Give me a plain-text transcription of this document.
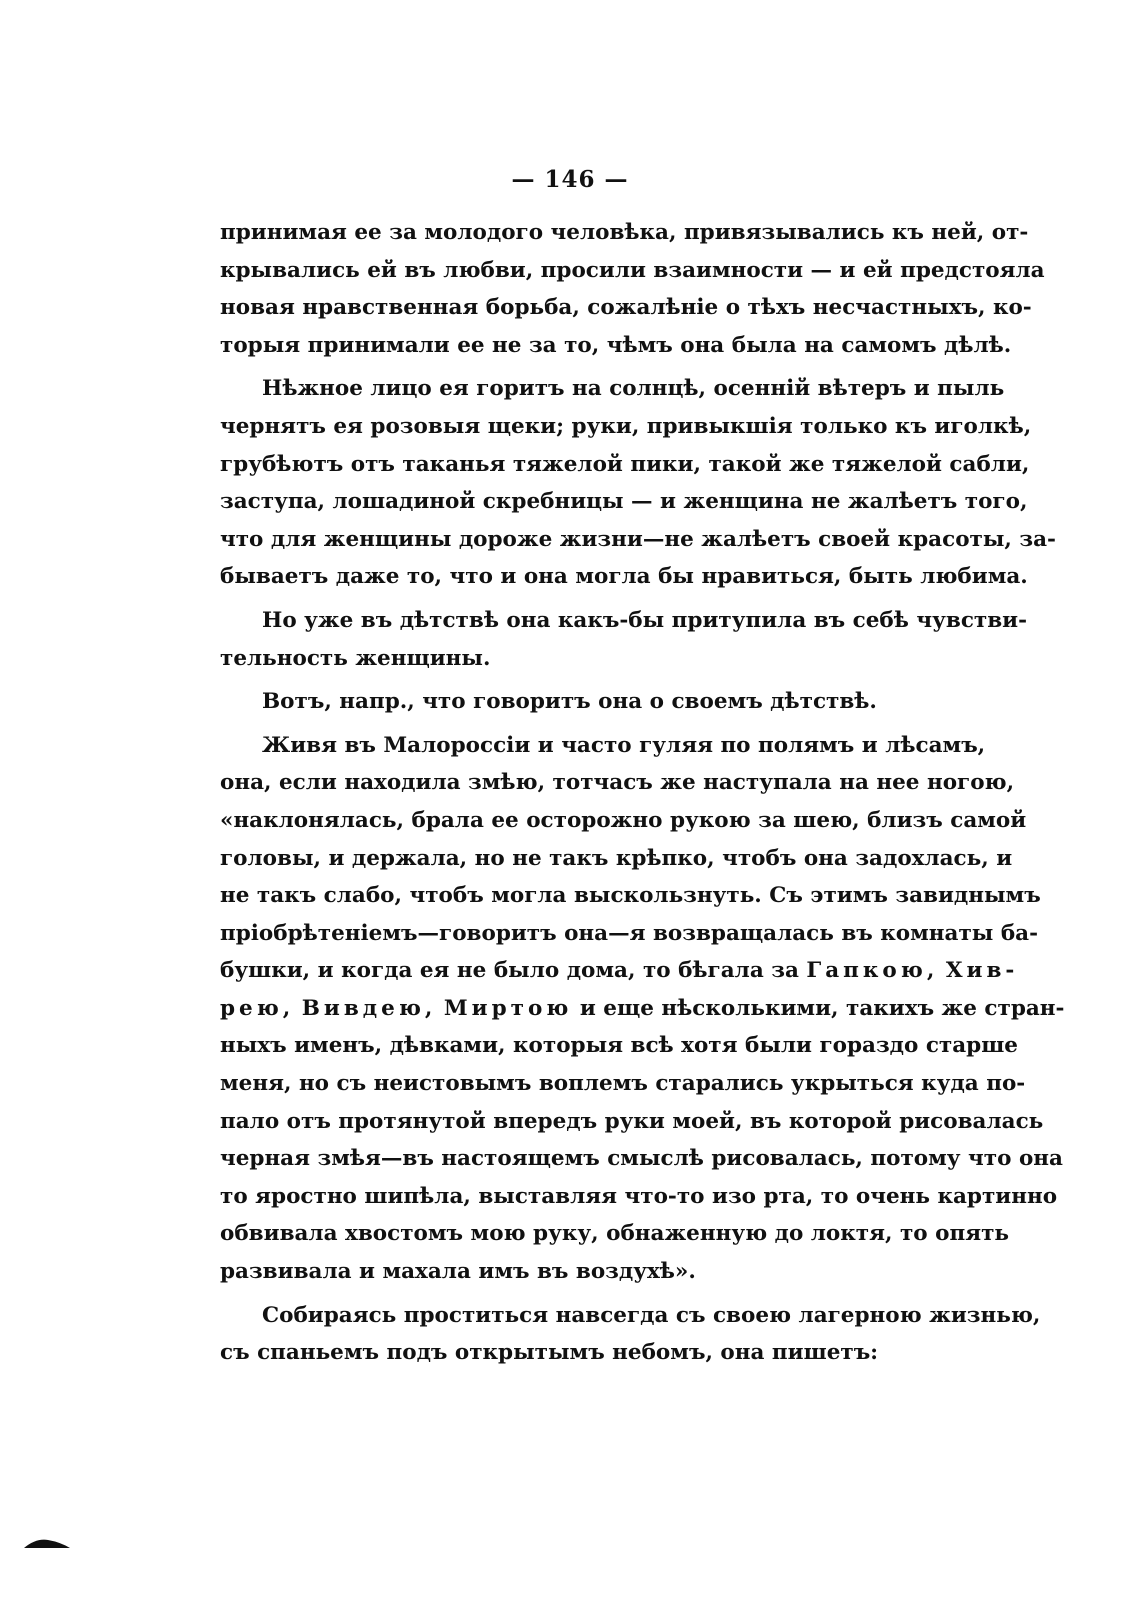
— 146 —
принимая ее за молодого человѣка, привязывались къ ней, от-
крывались ей въ любви, просили взаимности — и ей предстояла
новая нравственная борьба, сожалѣніе о тѣхъ несчастныхъ, ко-
торыя принимали ее не за то, чѣмъ она была на самомъ дѣлѣ.
Нѣжное лицо ея горитъ на солнцѣ, осенній вѣтеръ и пыль
чернятъ ея розовыя щеки; руки, привыкшія только къ иголкѣ,
грубѣютъ отъ таканья тяжелой пики, такой же тяжелой сабли,
заступа, лошадиной скребницы — и женщина не жалѣетъ того,
что для женщины дороже жизни—не жалѣетъ своей красоты, за-
бываетъ даже то, что и она могла бы нравиться, быть любима.
Но уже въ дѣтствѣ она какъ-бы притупила въ себѣ чувстви-
тельность женщины.
Вотъ, напр., что говоритъ она о своемъ дѣтствѣ.
Живя въ Малороссіи и часто гуляя по полямъ и лѣсамъ,
она, если находила змѣю, тотчасъ же наступала на нее ногою,
«наклонялась, брала ее осторожно рукою за шею, близъ самой
головы, и держала, но не такъ крѣпко, чтобъ она задохлась, и
не такъ слабо, чтобъ могла выскользнуть. Съ этимъ завиднымъ
пріобрѣтеніемъ—говоритъ она—я возвращалась въ комнаты ба-
бушки, и когда ея не было дома, то бѣгала за Гапкою, Хив-
рею, Вивдею, Миртою и еще нѣсколькими, такихъ же стран-
ныхъ именъ, дѣвками, которыя всѣ хотя были гораздо старше
меня, но съ неистовымъ воплемъ старались укрыться куда по-
пало отъ протянутой впередъ руки моей, въ которой рисовалась
черная змѣя—въ настоящемъ смыслѣ рисовалась, потому что она
то яростно шипѣла, выставляя что-то изо рта, то очень картинно
обвивала хвостомъ мою руку, обнаженную до локтя, то опять
развивала и махала имъ въ воздухѣ».
Собираясь проститься навсегда съ своею лагерною жизнью,
съ спаньемъ подъ открытымъ небомъ, она пишетъ:
